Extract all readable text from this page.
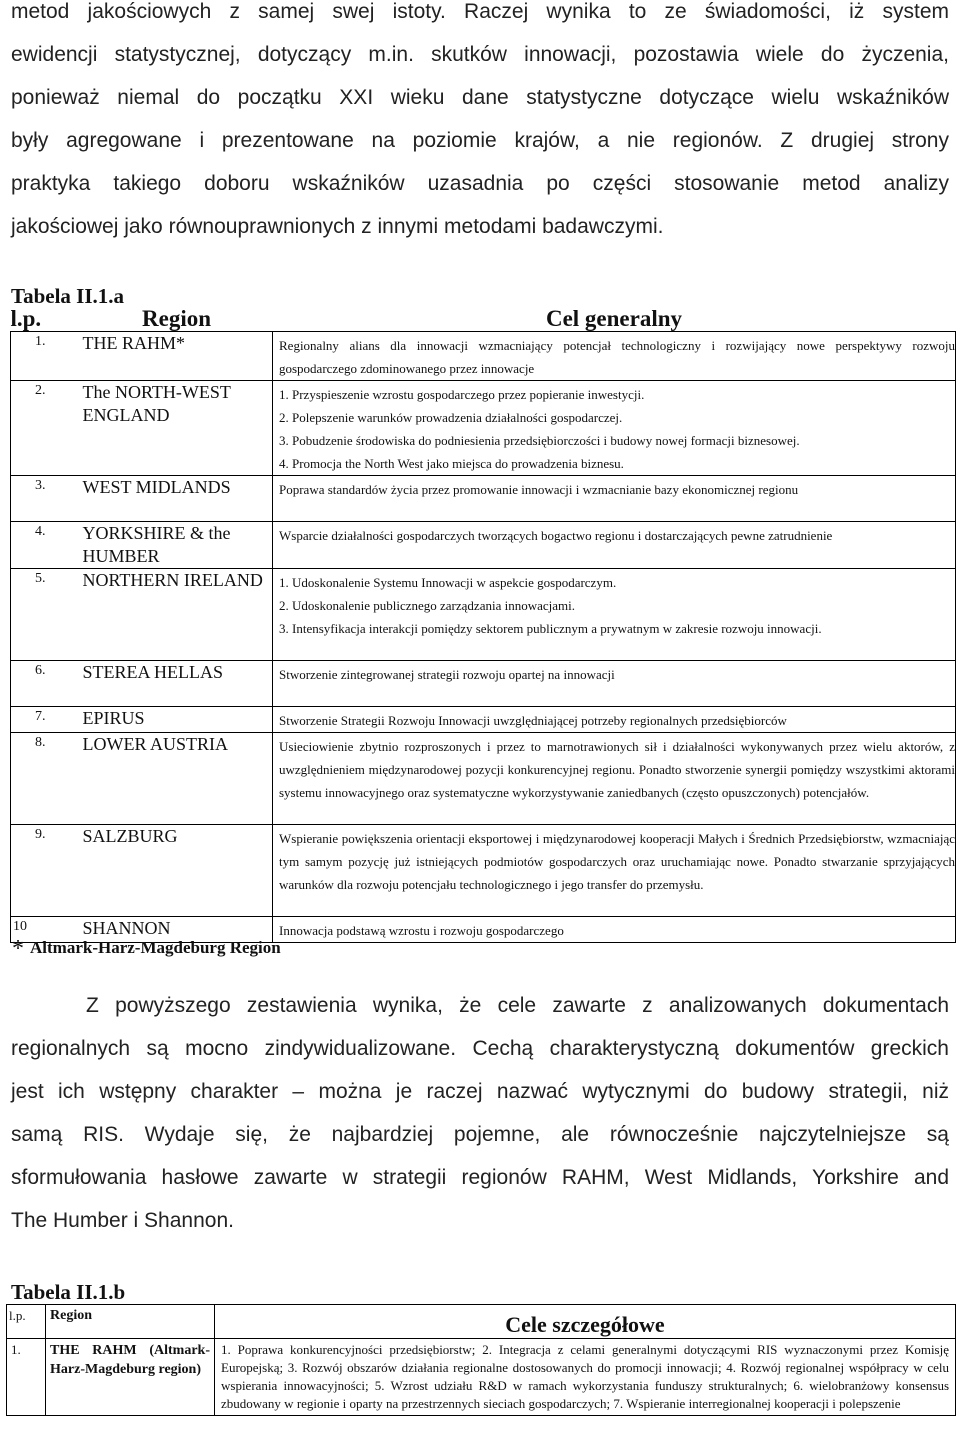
metod jakościowych z samej swej istoty. Raczej wynika to ze świadomości, iż system
ewidencji statystycznej, dotyczący m.in. skutków innowacji, pozostawia wiele do życzenia,
ponieważ niemal do początku XXI wieku dane statystyczne dotyczące wielu wskaźników
były agregowane i prezentowane na poziomie krajów, a nie regionów. Z drugiej strony
praktyka takiego doboru wskaźników uzasadnia po części stosowanie metod analizy
jakościowej jako równouprawnionych z innymi metodami badawczymi.
Tabela II.1.a
l.p.	Region	Cel generalny
1.	THE RAHM*	Regionalny alians dla innowacji wzmacniający potencjał technologiczny i rozwijający nowe perspektywy rozwoju gospodarczego zdominowanego przez innowacje

2.	The NORTH-WEST ENGLAND	1. Przyspieszenie wzrostu gospodarczego przez popieranie inwestycji.
2. Polepszenie warunków prowadzenia działalności gospodarczej.
3. Pobudzenie środowiska do podniesienia przedsiębiorczości i budowy nowej formacji biznesowej.
4. Promocja the North West jako miejsca do prowadzenia biznesu.

3.	WEST MIDLANDS	Poprawa standardów życia przez promowanie innowacji i wzmacnianie bazy ekonomicznej regionu

4.	YORKSHIRE & the HUMBER	Wsparcie działalności gospodarczych tworzących bogactwo regionu i dostarczających pewne zatrudnienie

5.	NORTHERN IRELAND	1. Udoskonalenie Systemu Innowacji w aspekcie gospodarczym.
2. Udoskonalenie publicznego zarządzania innowacjami.
3. Intensyfikacja interakcji pomiędzy sektorem publicznym a prywatnym w zakresie rozwoju innowacji.

6.	STEREA HELLAS	Stworzenie zintegrowanej strategii rozwoju opartej na innowacji

7.	EPIRUS	Stworzenie Strategii Rozwoju Innowacji uwzględniającej potrzeby regionalnych przedsiębiorców

8.	LOWER AUSTRIA	Usieciowienie zbytnio rozproszonych i przez to marnotrawionych sił i działalności wykonywanych przez wielu aktorów, z uwzględnieniem międzynarodowej pozycji konkurencyjnej regionu. Ponadto stworzenie synergii pomiędzy wszystkimi aktorami systemu innowacyjnego oraz systematyczne wykorzystywanie zaniedbanych (często opuszczonych) potencjałów.

9.	SALZBURG	Wspieranie powiększenia orientacji eksportowej i międzynarodowej kooperacji Małych i Średnich Przedsiębiorstw, wzmacniając tym samym pozycję już istniejących podmiotów gospodarczych oraz uruchamiając nowe. Ponadto stwarzanie sprzyjających warunków dla rozwoju potencjału technologicznego i jego transfer do przemysłu.

10	SHANNON	Innowacja podstawą wzrostu i rozwoju gospodarczego
* Altmark-Harz-Magdeburg Region
Z powyższego zestawienia wynika, że cele zawarte z analizowanych dokumentach
regionalnych są mocno zindywidualizowane. Cechą charakterystyczną dokumentów greckich
jest ich wstępny charakter – można je raczej nazwać wytycznymi do budowy strategii, niż
samą RIS. Wydaje się, że najbardziej pojemne, ale równocześnie najczytelniejsze są
sformułowania hasłowe zawarte w strategii regionów RAHM, West Midlands, Yorkshire and
The Humber i Shannon.
Tabela II.1.b
l.p.	Region	Cele szczegółowe
1.	THE RAHM (Altmark-Harz-Magdeburg region)	1. Poprawa konkurencyjności przedsiębiorstw; 2. Integracja z celami generalnymi dotyczącymi RIS wyznaczonymi przez Komisję Europejską; 3. Rozwój obszarów działania regionalne dostosowanych do promocji innowacji; 4. Rozwój regionalnej współpracy w celu wspierania innowacyjności; 5. Wzrost udziału R&D w ramach wykorzystania funduszy strukturalnych; 6. wielobranżowy konsensus zbudowany w regionie i oparty na przestrzennych sieciach gospodarczych; 7. Wspieranie interregionalnej kooperacji i polepszenie
